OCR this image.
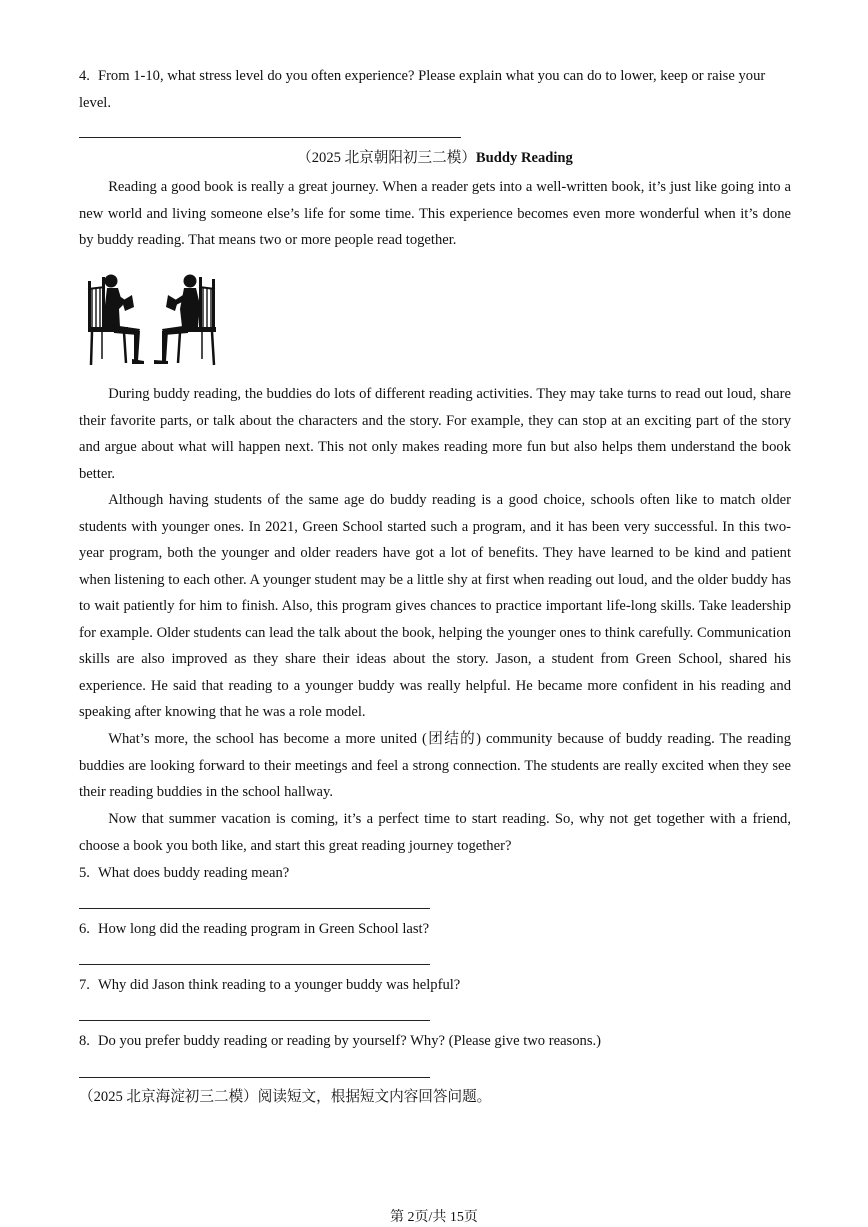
4. From 1-10, what stress level do you often experience? Please explain what you can do to lower, keep or raise your level.
（2025 北京朝阳初三二模）Buddy Reading

Reading a good book is really a great journey. When a reader gets into a well-written book, it’s just like going into a new world and living someone else’s life for some time. This experience becomes even more wonderful when it’s done by buddy reading. That means two or more people read together.

During buddy reading, the buddies do lots of different reading activities. They may take turns to read out loud, share their favorite parts, or talk about the characters and the story. For example, they can stop at an exciting part of the story and argue about what will happen next. This not only makes reading more fun but also helps them understand the book better.

Although having students of the same age do buddy reading is a good choice, schools often like to match older students with younger ones. In 2021, Green School started such a program, and it has been very successful. In this two-year program, both the younger and older readers have got a lot of benefits. They have learned to be kind and patient when listening to each other. A younger student may be a little shy at first when reading out loud, and the older buddy has to wait patiently for him to finish. Also, this program gives chances to practice important life-long skills. Take leadership for example. Older students can lead the talk about the book, helping the younger ones to think carefully. Communication skills are also improved as they share their ideas about the story. Jason, a student from Green School, shared his experience. He said that reading to a younger buddy was really helpful. He became more confident in his reading and speaking after knowing that he was a role model.

What’s more, the school has become a more united (团结的) community because of buddy reading. The reading buddies are looking forward to their meetings and feel a strong connection. The students are really excited when they see their reading buddies in the school hallway.

Now that summer vacation is coming, it’s a perfect time to start reading. So, why not get together with a friend, choose a book you both like, and start this great reading journey together?

5. What does buddy reading mean?
6. How long did the reading program in Green School last?
7. Why did Jason think reading to a younger buddy was helpful?
8. Do you prefer buddy reading or reading by yourself? Why? (Please give two reasons.)
（2025 北京海淀初三二模）阅读短文，根据短文内容回答问题。
第 2页/共 15页
